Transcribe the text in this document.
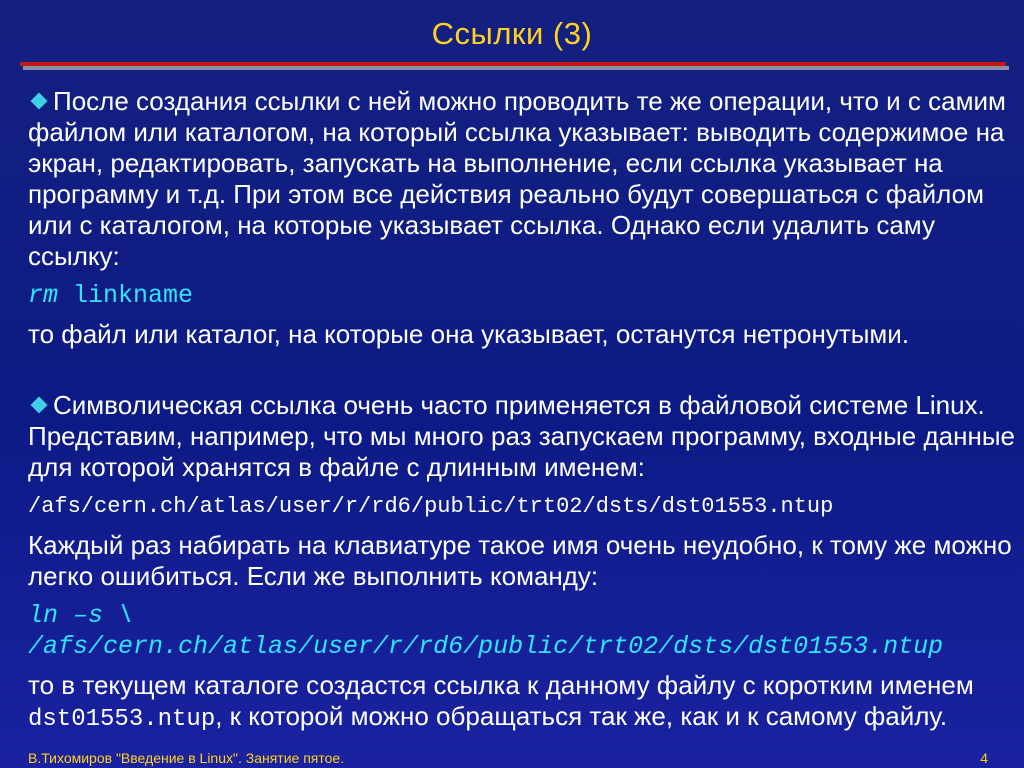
Ссылки (3)

После создания ссылки с ней можно проводить те же операции, что и с самим файлом или каталогом, на который ссылка указывает: выводить содержимое на экран, редактировать, запускать на выполнение, если ссылка указывает на программу и т.д. При этом все действия реально будут совершаться с файлом или с каталогом, на которые указывает ссылка. Однако если удалить саму ссылку:

rm linkname

то файл или каталог, на которые она указывает, останутся нетронутыми.

Символическая ссылка очень часто применяется в файловой системе Linux. Представим, например, что мы много раз запускаем программу, входные данные для которой хранятся в файле с длинным именем:

/afs/cern.ch/atlas/user/r/rd6/public/trt02/dsts/dst01553.ntup

Каждый раз набирать на клавиатуре такое имя очень неудобно, к тому же можно легко ошибиться. Если же выполнить команду:

ln –s \

/afs/cern.ch/atlas/user/r/rd6/public/trt02/dsts/dst01553.ntup

то в текущем каталоге создастся ссылка к данному файлу с коротким именем dst01553.ntup, к которой можно обращаться так же, как и к самому файлу.

В.Тихомиров "Введение в Linux". Занятие пятое.	4
